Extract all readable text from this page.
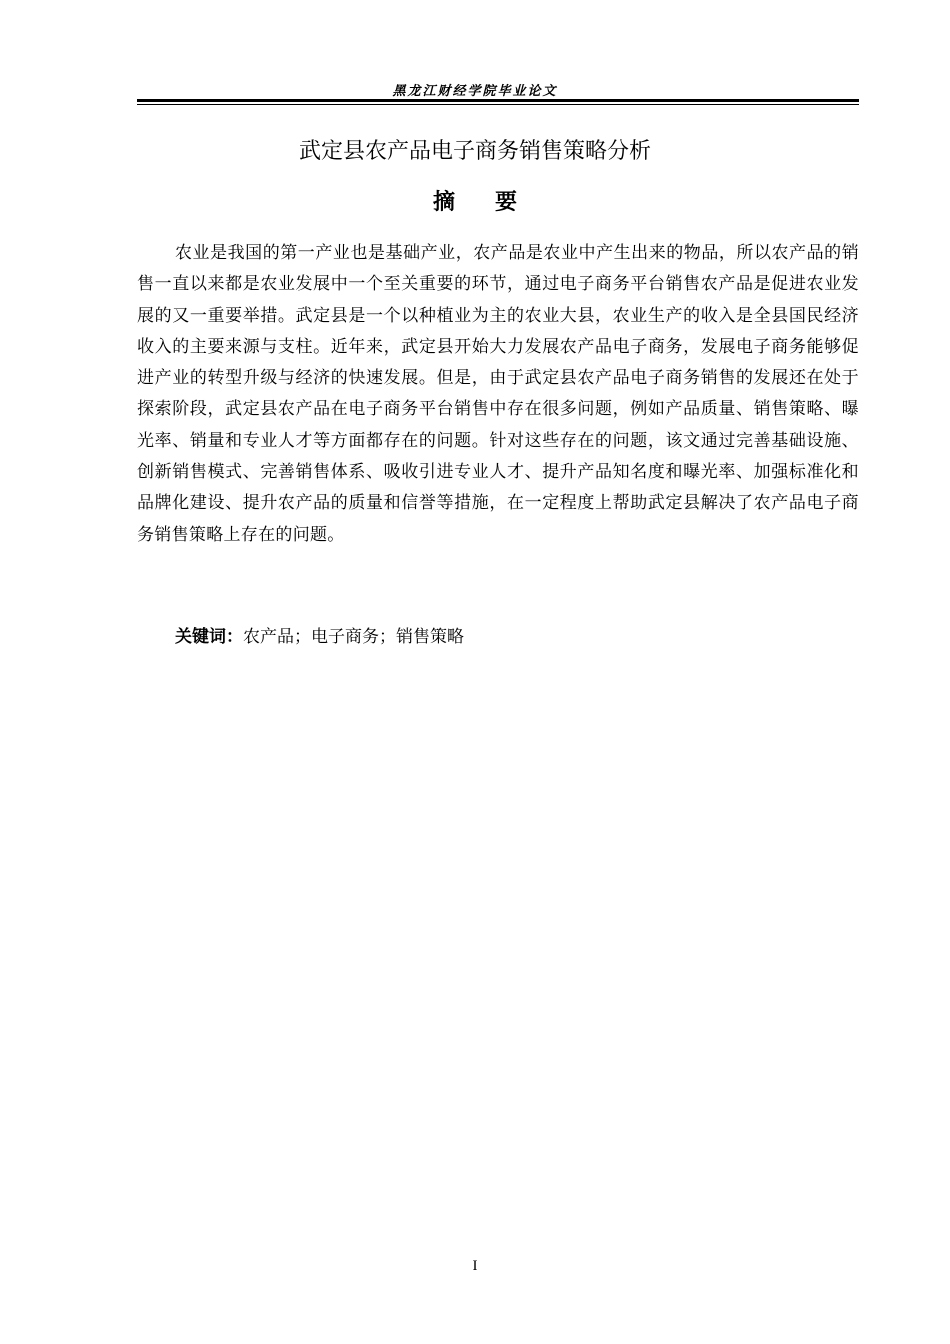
黑龙江财经学院毕业论文
武定县农产品电子商务销售策略分析
摘要
农业是我国的第一产业也是基础产业，农产品是农业中产生出来的物品，所以农产品的销售一直以来都是农业发展中一个至关重要的环节，通过电子商务平台销售农产品是促进农业发展的又一重要举措。武定县是一个以种植业为主的农业大县，农业生产的收入是全县国民经济收入的主要来源与支柱。近年来，武定县开始大力发展农产品电子商务，发展电子商务能够促进产业的转型升级与经济的快速发展。但是，由于武定县农产品电子商务销售的发展还在处于探索阶段，武定县农产品在电子商务平台销售中存在很多问题，例如产品质量、销售策略、曝光率、销量和专业人才等方面都存在的问题。针对这些存在的问题，该文通过完善基础设施、创新销售模式、完善销售体系、吸收引进专业人才、提升产品知名度和曝光率、加强标准化和品牌化建设、提升农产品的质量和信誉等措施，在一定程度上帮助武定县解决了农产品电子商务销售策略上存在的问题。
关键词：农产品；电子商务；销售策略
I
